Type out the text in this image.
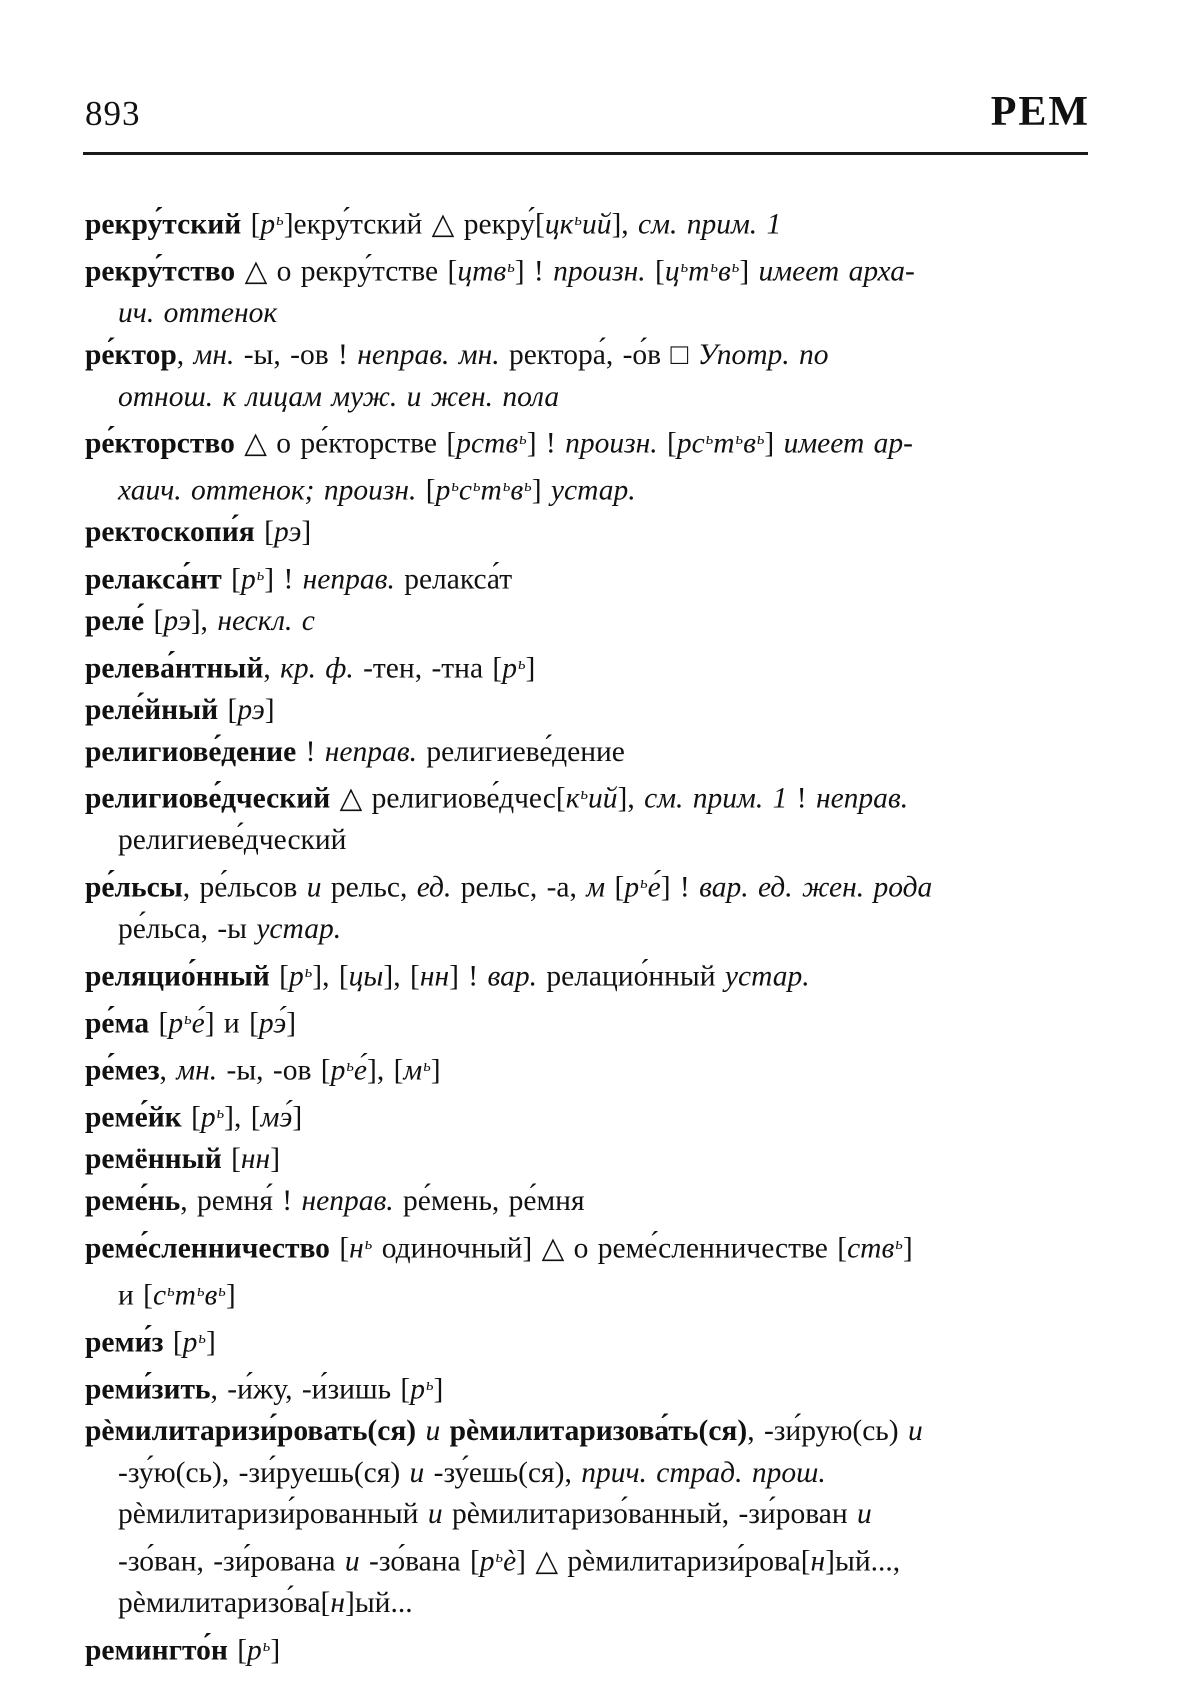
893	РЕМ
рекру́тский $[р^ь]екру́тский$ △ $рекру́[цк^ьий]$, см. прим. 1
рекру́тство △ о рекру́тстве [цтв$^ь$] ! произн. $[ц^ьт^ьв^ь]$ имеет арха-
ич. оттенок
ре́ктор, мн. -ы, -ов ! неправ. мн. ректора́, -о́в □ Употр. по
отнош. к лицам муж. и жен. пола
ре́кторство △ о ре́кторстве [рств$^ь$] ! произн. $[рс^ьт^ьв^ь]$ имеет ар-
хаич. оттенок; произн. $[р^ьс^ьт^ьв^ь]$ устар.
ректоскопи́я [рэ]
релакса́нт $[р^ь]$ ! неправ. релакса́т
реле́ [рэ], нескл. с
релева́нтный, кр. ф. -тен, -тна $[р^ь]$
реле́йный [рэ]
религиове́дение ! неправ. религиеве́дение
религиове́дческий △ $религиове́дчес[к^ьий]$, см. прим. 1 ! неправ.
религиеве́дческий
ре́льсы, ре́льсов и рельс, ед. рельс, -а, м $[р^ье́]$ ! вар. ед. жен. рода
ре́льса, -ы устар.
реляцио́нный $[р^ь]$, [цы], [нн] ! вар. релацио́нный устар.
ре́ма $[р^ье́]$ и [рэ́]
ре́мез, мн. -ы, -ов $[р^ье́]$, $[м^ь]$
реме́йк $[р^ь]$, [мэ́]
ремённый [нн]
реме́нь, ремня́ ! неправ. ре́мень, ре́мня
реме́сленничество [$н^ь$ одиночный] △ о реме́сленничестве [ств$^ь$]
и $[с^ьт^ьв^ь]$
реми́з $[р^ь]$
реми́зить, -и́жу, -и́зишь $[р^ь]$
рѐмилитаризи́ровать(ся) и рѐмилитаризова́ть(ся), -зи́рую(сь) и
-зу́ю(сь), -зи́руешь(ся) и -зу́ешь(ся), прич. страд. прош.
рѐмилитаризи́рованный и рѐмилитаризо́ванный, -зи́рован и
-зо́ван, -зи́рована и -зо́вана $[р^ьѐ]$ △ рѐмилитаризи́рова[н]ый...,
рѐмилитаризо́ва[н]ый...
ремингто́н $[р^ь]$
